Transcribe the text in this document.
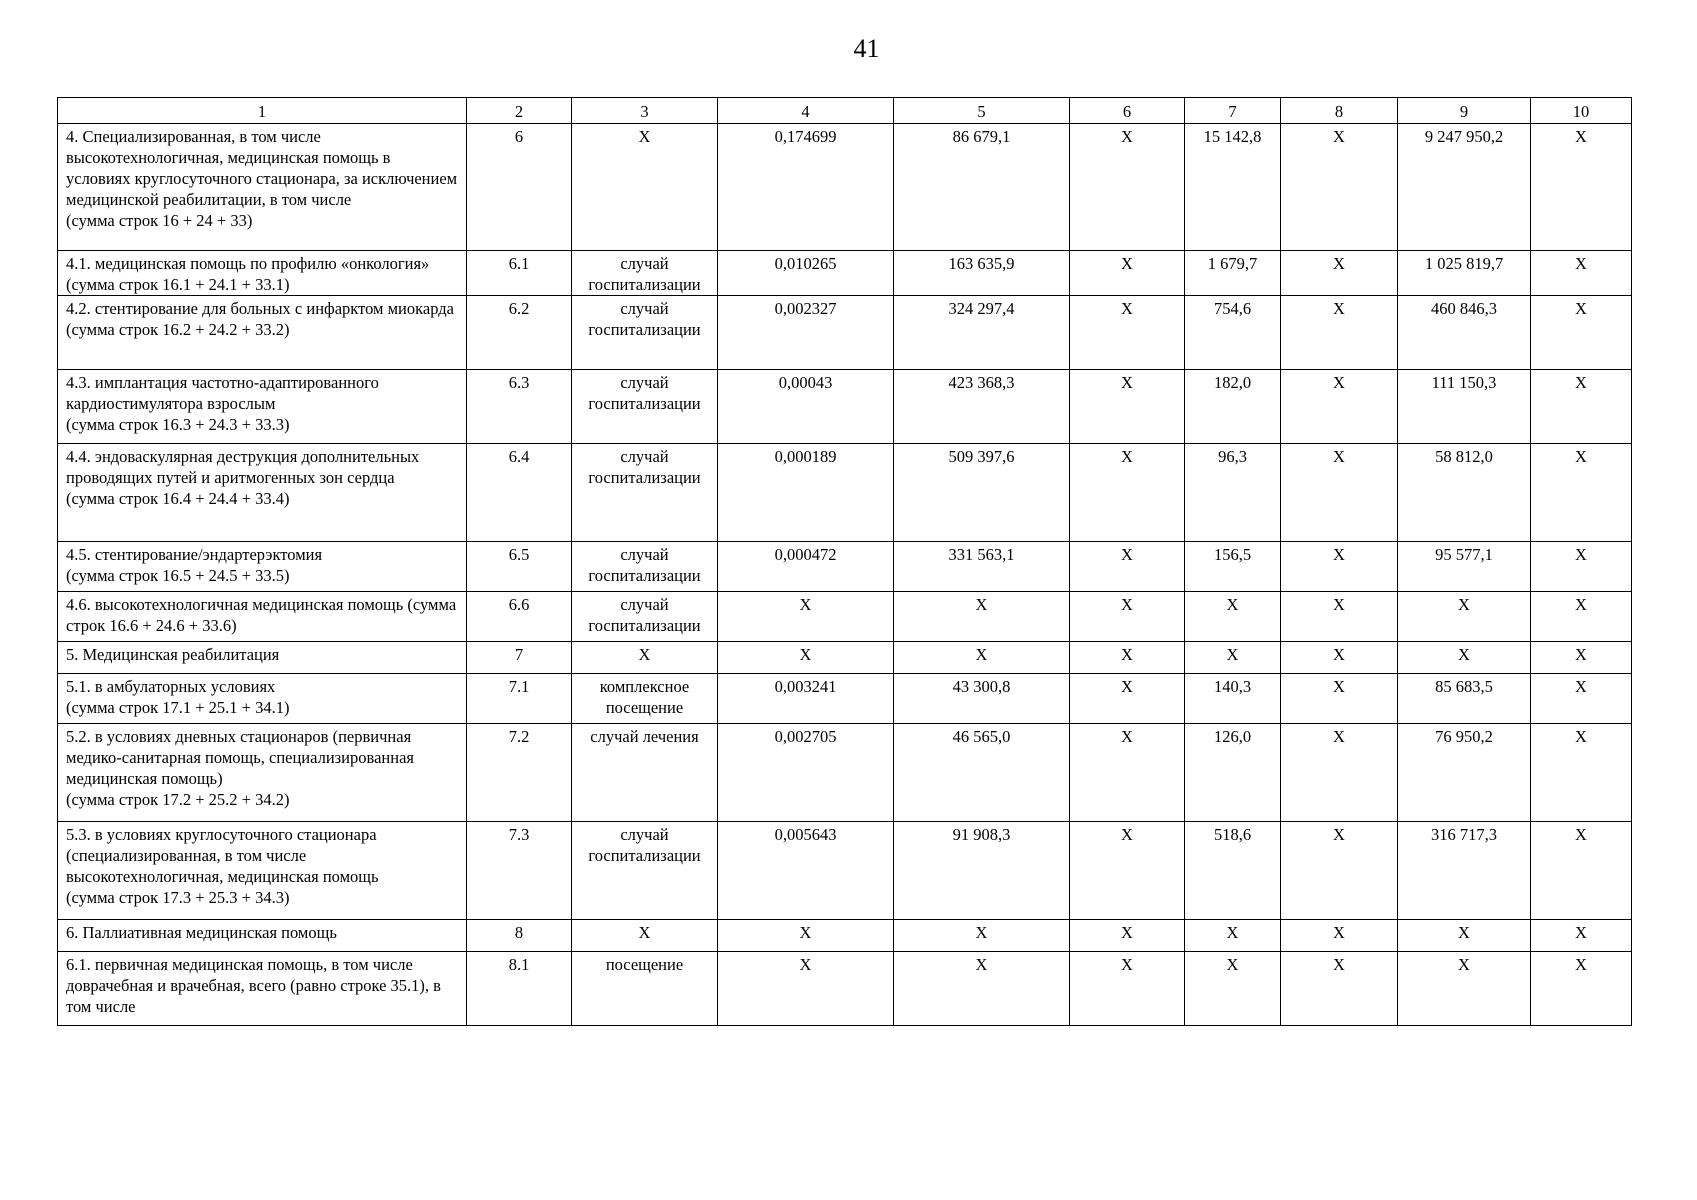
41
1	2	3	4	5	6	7	8	9	10
4. Специализированная, в том числе высокотехнологичная, медицинская помощь в условиях круглосуточного стационара, за исключением медицинской реабилитации, в том числе
(сумма строк 16 + 24 + 33)	6	X	0,174699	86 679,1	X	15 142,8	X	9 247 950,2	X
4.1. медицинская помощь по профилю «онкология» (сумма строк 16.1 + 24.1 + 33.1)	6.1	случай госпитализации	0,010265	163 635,9	X	1 679,7	X	1 025 819,7	X
4.2. стентирование для больных с инфарктом миокарда
(сумма строк 16.2 + 24.2 + 33.2)	6.2	случай госпитализации	0,002327	324 297,4	X	754,6	X	460 846,3	X
4.3. имплантация частотно-адаптированного кардиостимулятора взрослым
(сумма строк 16.3 + 24.3 + 33.3)	6.3	случай госпитализации	0,00043	423 368,3	X	182,0	X	111 150,3	X
4.4. эндоваскулярная деструкция дополнительных проводящих путей и аритмогенных зон сердца
(сумма строк 16.4 + 24.4 + 33.4)	6.4	случай госпитализации	0,000189	509 397,6	X	96,3	X	58 812,0	X
4.5. стентирование/эндартерэктомия
(сумма строк 16.5 + 24.5 + 33.5)	6.5	случай госпитализации	0,000472	331 563,1	X	156,5	X	95 577,1	X
4.6. высокотехнологичная медицинская помощь (сумма строк 16.6 + 24.6 + 33.6)	6.6	случай госпитализации	X	X	X	X	X	X	X
5. Медицинская реабилитация	7	X	X	X	X	X	X	X	X
5.1. в амбулаторных условиях
(сумма строк 17.1 + 25.1 + 34.1)	7.1	комплексное посещение	0,003241	43 300,8	X	140,3	X	85 683,5	X
5.2. в условиях дневных стационаров (первичная медико-санитарная помощь, специализированная медицинская помощь)
(сумма строк 17.2 + 25.2 + 34.2)	7.2	случай лечения	0,002705	46 565,0	X	126,0	X	76 950,2	X
5.3. в условиях круглосуточного стационара (специализированная, в том числе высокотехнологичная, медицинская помощь
(сумма строк 17.3 + 25.3 + 34.3)	7.3	случай госпитализации	0,005643	91 908,3	X	518,6	X	316 717,3	X
6. Паллиативная медицинская помощь	8	X	X	X	X	X	X	X	X
6.1. первичная медицинская помощь, в том числе доврачебная и врачебная, всего (равно строке 35.1), в том числе	8.1	посещение	X	X	X	X	X	X	X
